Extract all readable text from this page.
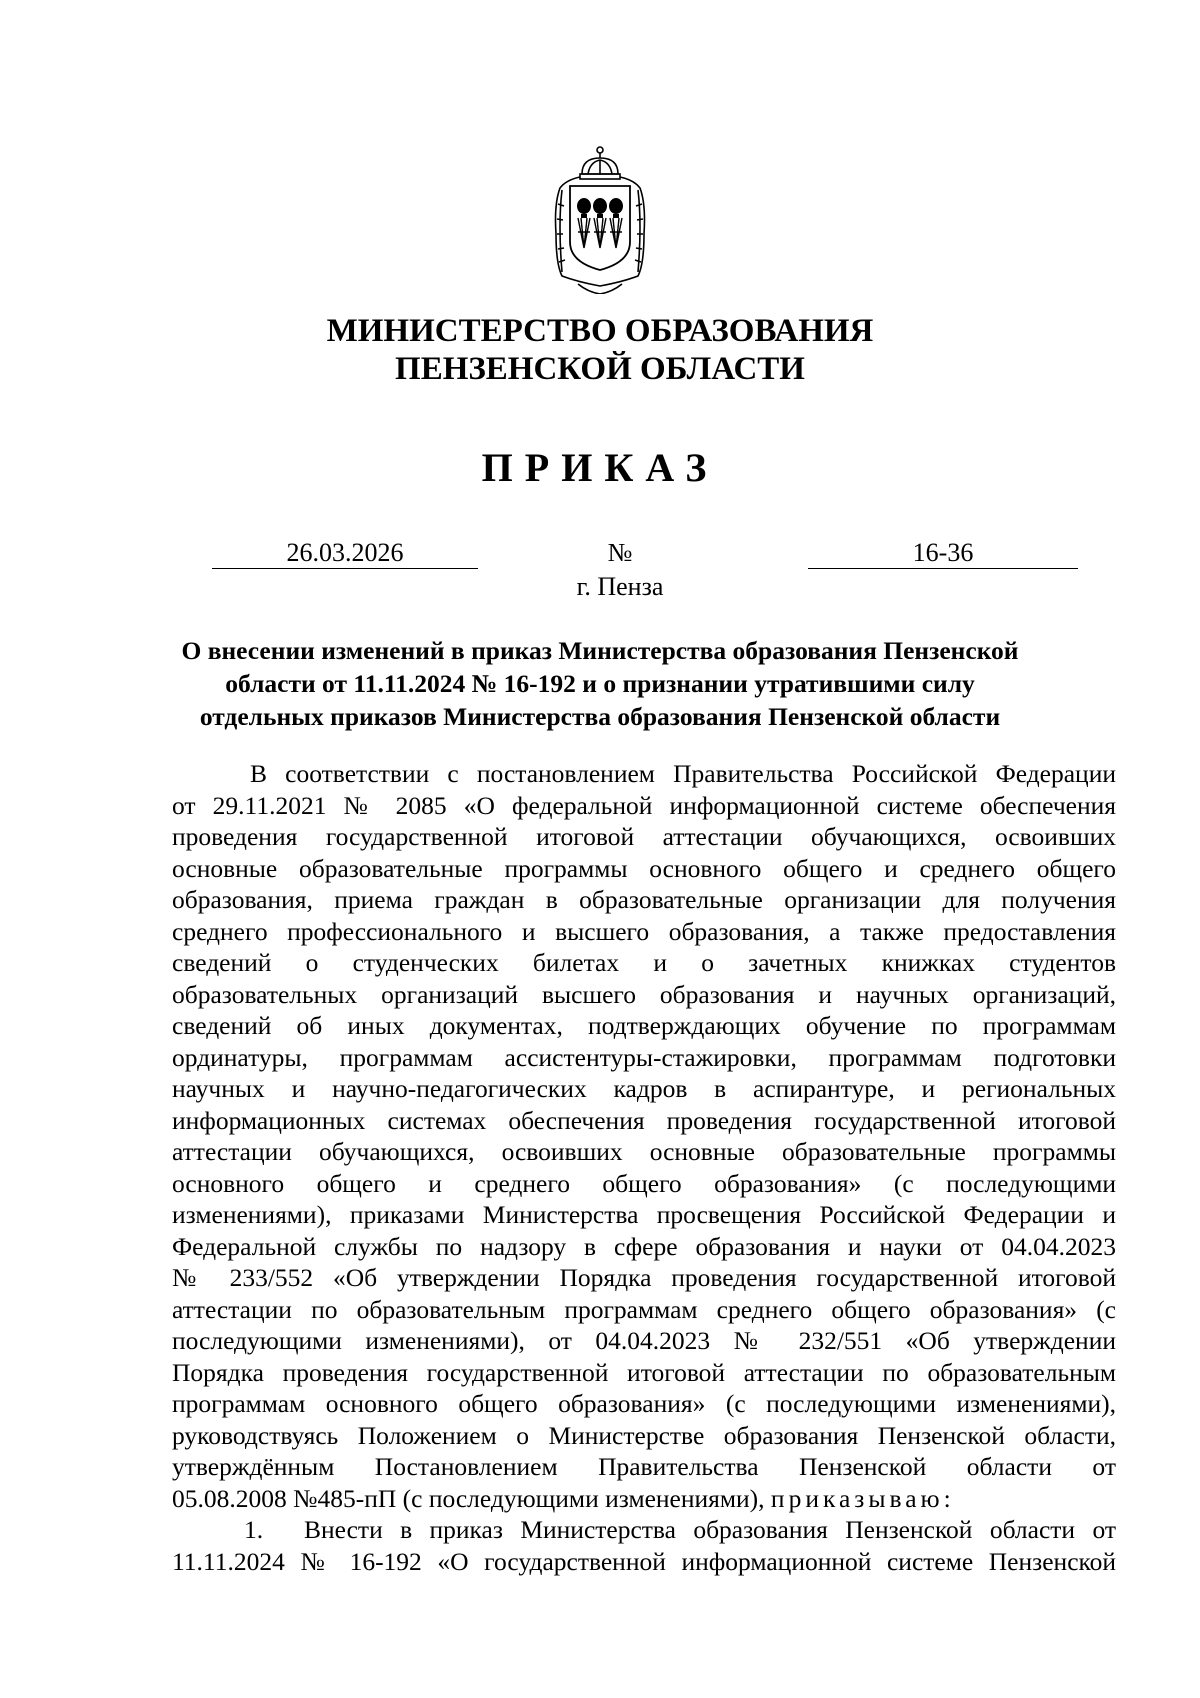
МИНИСТЕРСТВО ОБРАЗОВАНИЯ
ПЕНЗЕНСКОЙ ОБЛАСТИ
ПРИКАЗ
26.03.2026	№	16-36
г. Пенза
О внесении изменений в приказ Министерства образования Пензенской
области от 11.11.2024 № 16-192 и о признании утратившими силу
отдельных приказов Министерства образования Пензенской области
В соответствии с постановлением Правительства Российской Федерации
от 29.11.2021 № 2085 «О федеральной информационной системе обеспечения
проведения государственной итоговой аттестации обучающихся, освоивших
основные образовательные программы основного общего и среднего общего
образования, приема граждан в образовательные организации для получения
среднего профессионального и высшего образования, а также предоставления
сведений о студенческих билетах и о зачетных книжках студентов
образовательных организаций высшего образования и научных организаций,
сведений об иных документах, подтверждающих обучение по программам
ординатуры, программам ассистентуры-стажировки, программам подготовки
научных и научно-педагогических кадров в аспирантуре, и региональных
информационных системах обеспечения проведения государственной итоговой
аттестации обучающихся, освоивших основные образовательные программы
основного общего и среднего общего образования» (с последующими
изменениями), приказами Министерства просвещения Российской Федерации и
Федеральной службы по надзору в сфере образования и науки от 04.04.2023
№ 233/552 «Об утверждении Порядка проведения государственной итоговой
аттестации по образовательным программам среднего общего образования» (с
последующими изменениями), от 04.04.2023 № 232/551 «Об утверждении
Порядка проведения государственной итоговой аттестации по образовательным
программам основного общего образования» (с последующими изменениями),
руководствуясь Положением о Министерстве образования Пензенской области,
утверждённым Постановлением Правительства Пензенской области от
05.08.2008 №485-пП (с последующими изменениями), приказываю:
1. Внести в приказ Министерства образования Пензенской области от
11.11.2024 № 16-192 «О государственной информационной системе Пензенской
